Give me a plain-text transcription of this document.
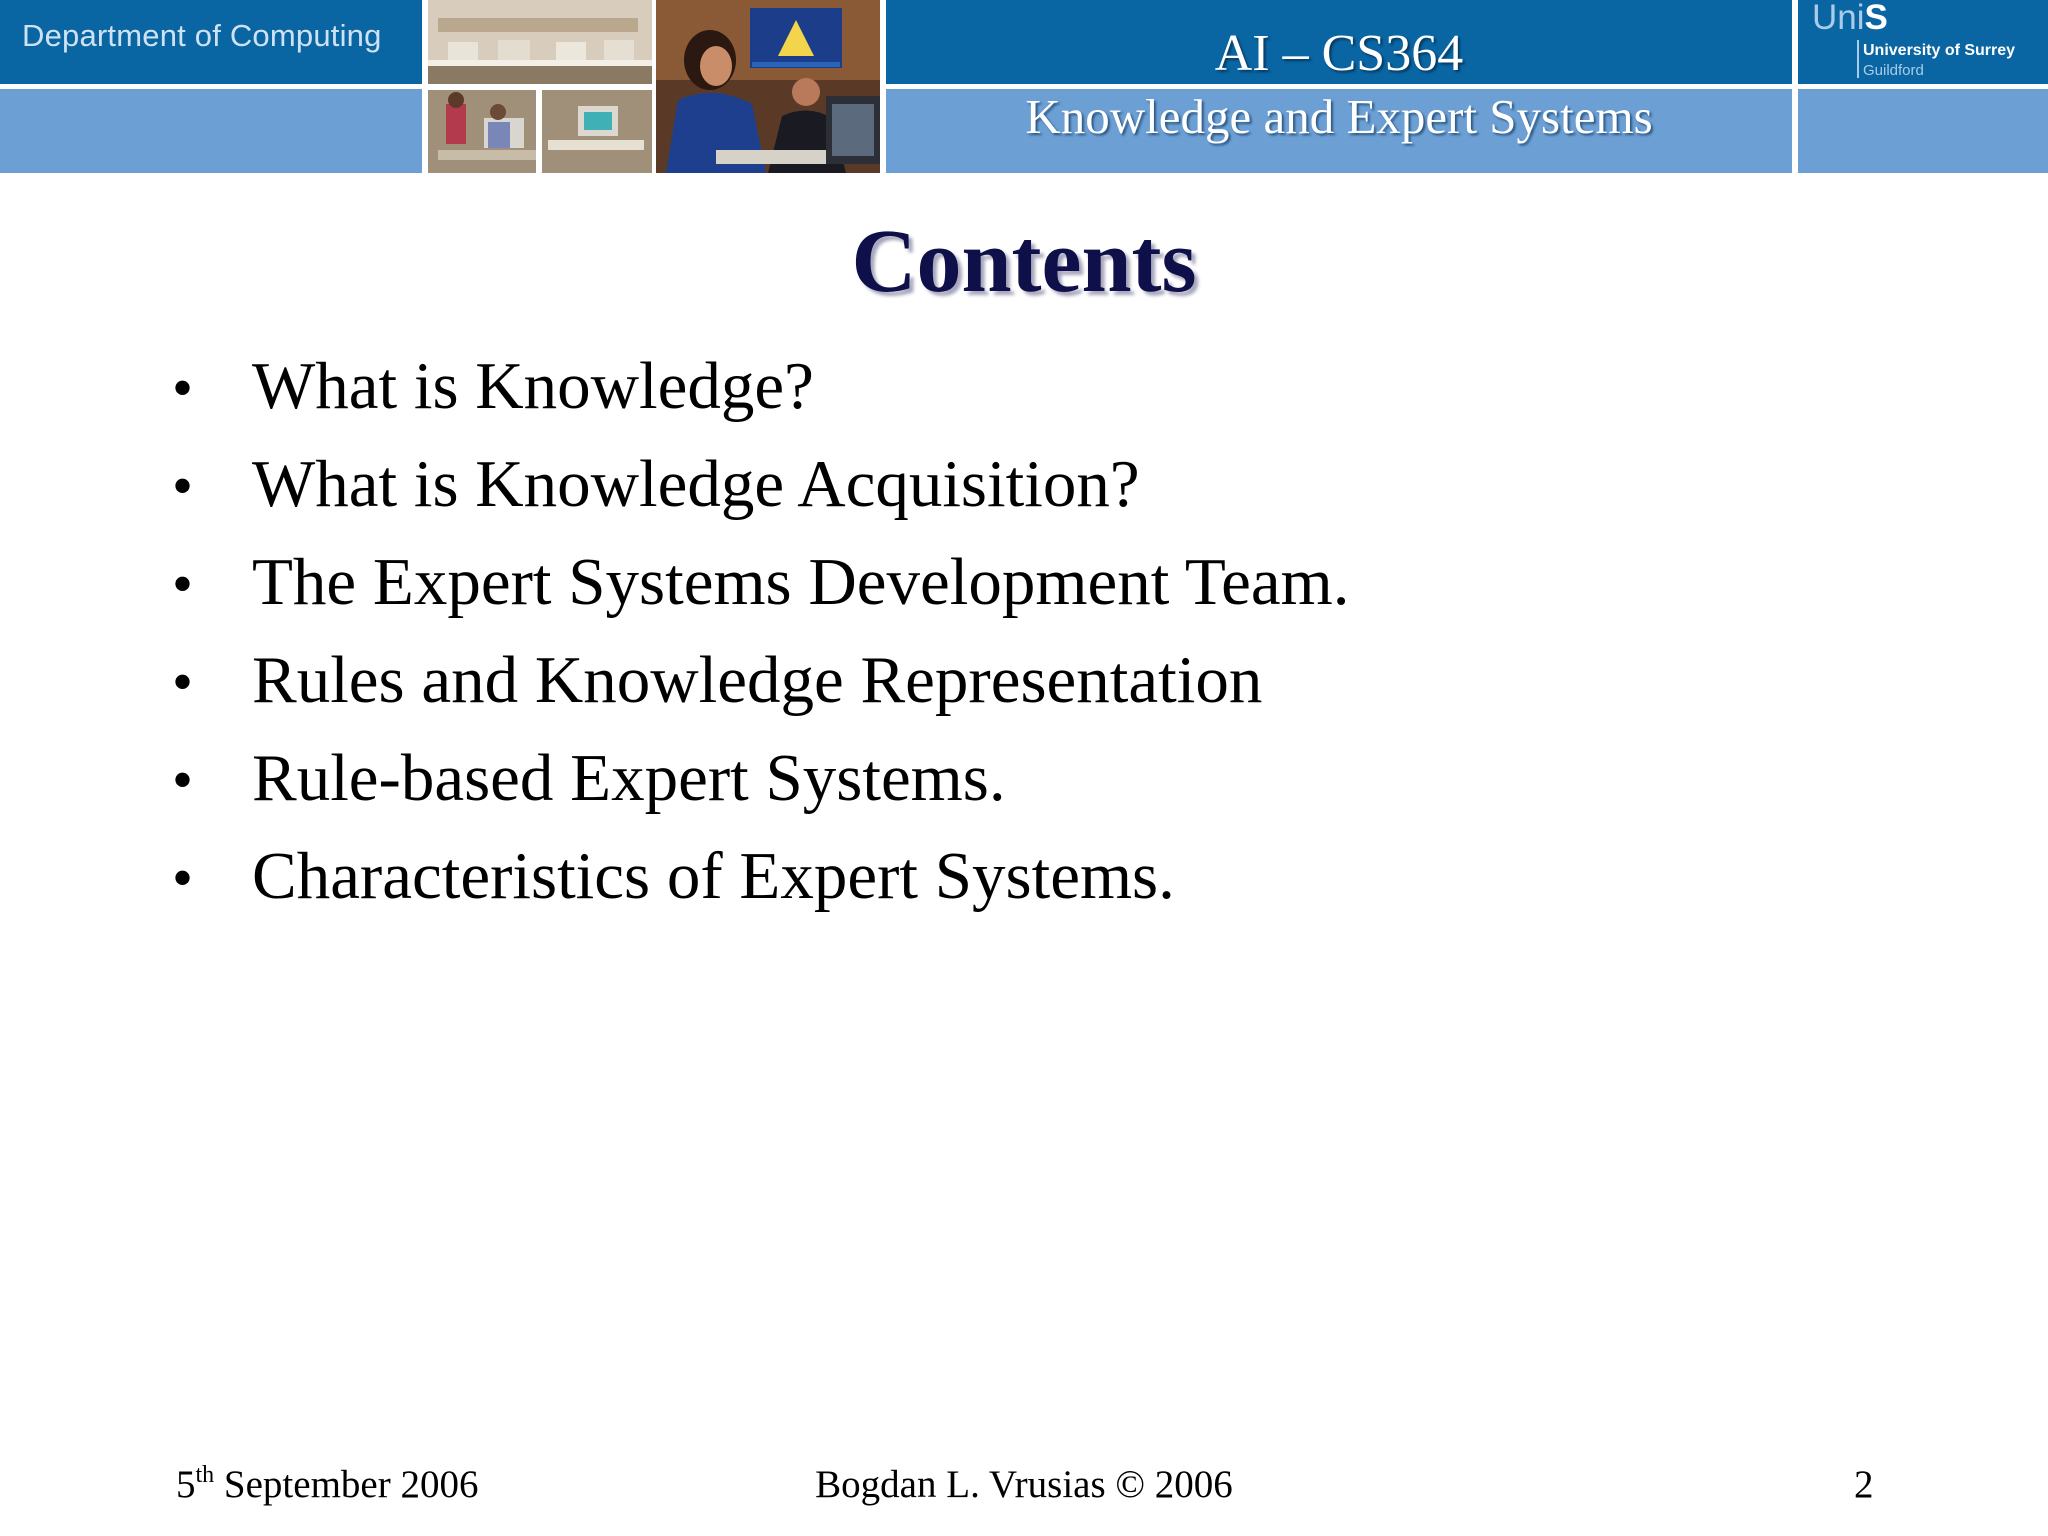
Department of Computing	AI – CS364
Knowledge and Expert Systems
UniS
University of Surrey
Guildford
Contents
• What is Knowledge?
• What is Knowledge Acquisition?
• The Expert Systems Development Team.
• Rules and Knowledge Representation
• Rule-based Expert Systems.
• Characteristics of Expert Systems.
5th September 2006	Bogdan L. Vrusias © 2006	2
